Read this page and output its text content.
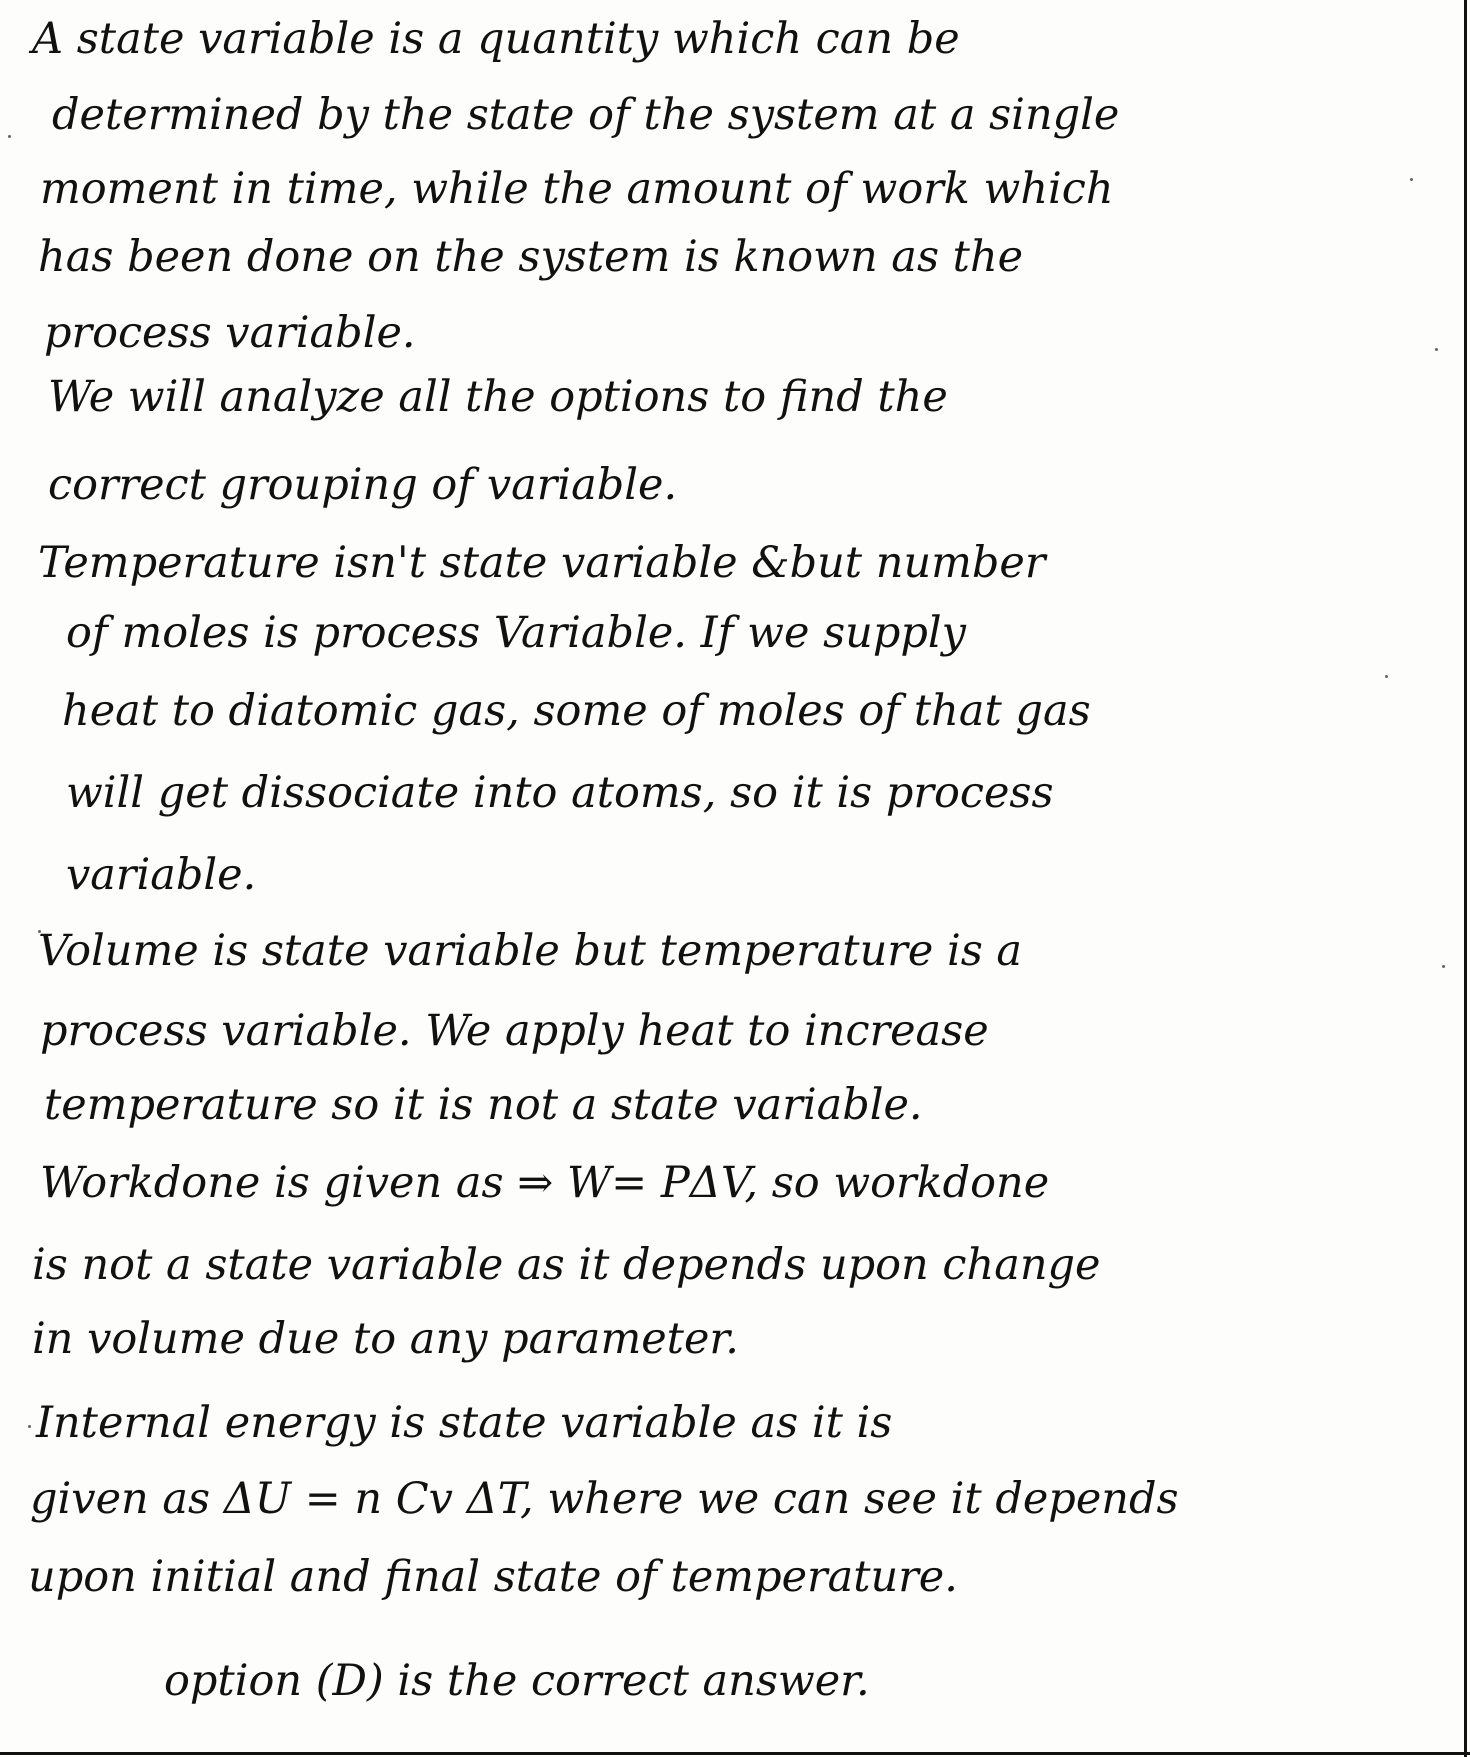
A state variable is a quantity which can be
determined by the state of the system at a single
moment in time, while the amount of work which
has been done on the system is known as the
process variable.
We will analyze all the options to find the
correct grouping of variable.
Temperature isn't state variable &but number
of moles is process Variable. If we supply
heat to diatomic gas, some of moles of that gas
will get dissociate into atoms, so it is process
variable.
Volume is state variable but temperature is a
process variable. We apply heat to increase
temperature so it is not a state variable.
Workdone is given as ⇒ W= PΔV, so workdone
is not a state variable as it depends upon change
in volume due to any parameter.
Internal energy is state variable as it is
given as ΔU = n Cv ΔT, where we can see it depends
upon initial and final state of temperature.
option (D) is the correct answer.
